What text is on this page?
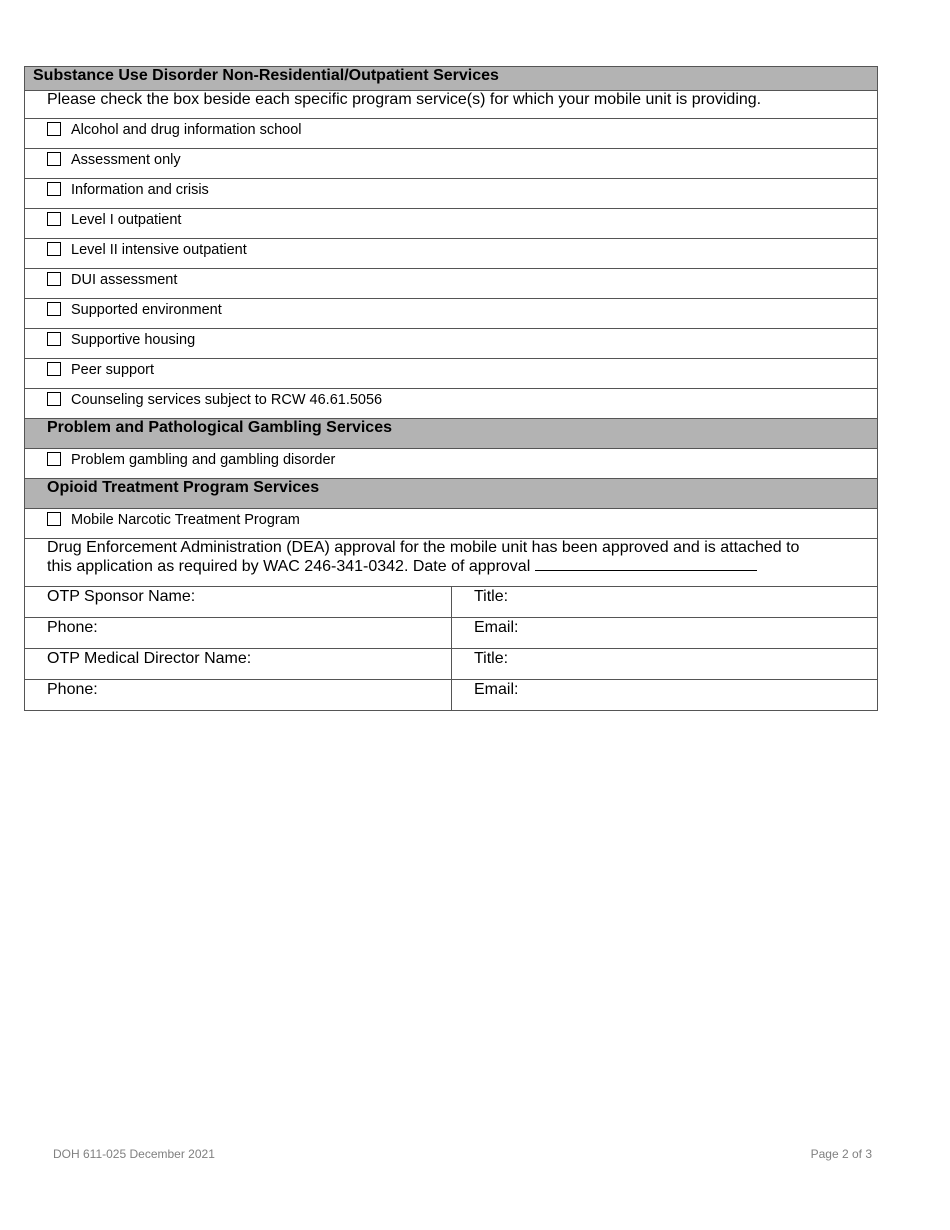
Substance Use Disorder Non-Residential/Outpatient Services
Please check the box beside each specific program service(s) for which your mobile unit is providing.
Alcohol and drug information school
Assessment only
Information and crisis
Level I outpatient
Level II intensive outpatient
DUI assessment
Supported environment
Supportive housing
Peer support
Counseling services subject to RCW 46.61.5056
Problem and Pathological Gambling Services
Problem gambling and gambling disorder
Opioid Treatment Program Services
Mobile Narcotic Treatment Program
Drug Enforcement Administration (DEA) approval for the mobile unit has been approved and is attached to
this application as required by WAC 246-341-0342. Date of approval
OTP Sponsor Name:	Title:
Phone:	Email:
OTP Medical Director Name:	Title:
Phone:	Email:
DOH 611-025 December 2021	Page 2 of 3
